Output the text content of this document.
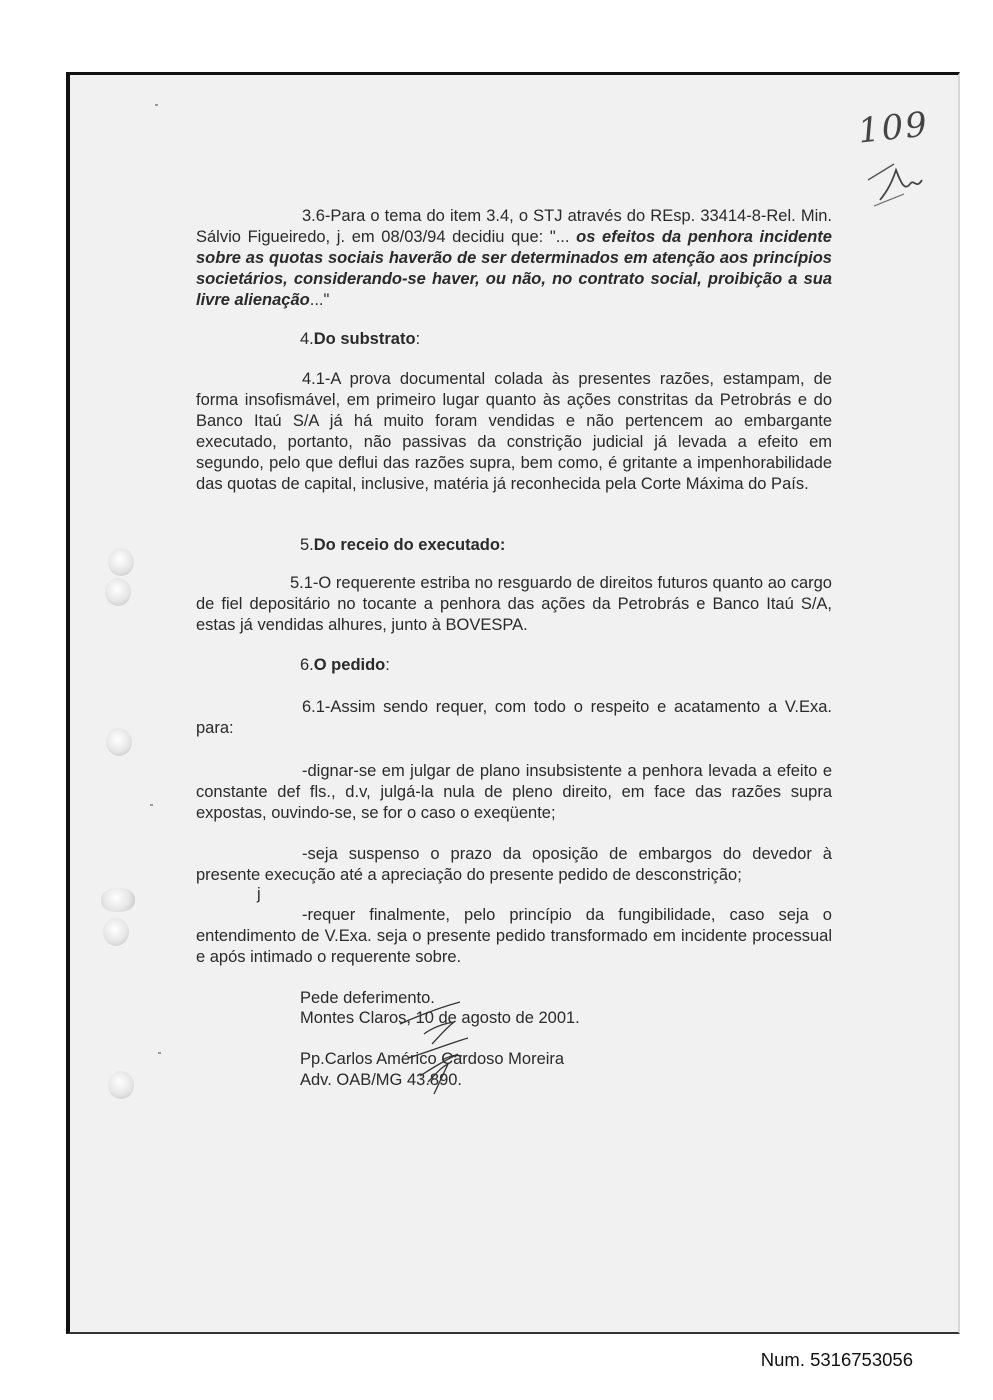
109
3.6-Para o tema do item 3.4, o STJ através do REsp. 33414-8-Rel. Min. Sálvio Figueiredo, j. em 08/03/94 decidiu que: "... os efeitos da penhora incidente sobre as quotas sociais haverão de ser determinados em atenção aos princípios societários, considerando-se haver, ou não, no contrato social, proibição a sua livre alienação..."
4.Do substrato:
4.1-A prova documental colada às presentes razões, estampam, de forma insofismável, em primeiro lugar quanto às ações constritas da Petrobrás e do Banco Itaú S/A já há muito foram vendidas e não pertencem ao embargante executado, portanto, não passivas da constrição judicial já levada a efeito em segundo, pelo que deflui das razões supra, bem como, é gritante a impenhorabilidade das quotas de capital, inclusive, matéria já reconhecida pela Corte Máxima do País.
5.Do receio do executado:
5.1-O requerente estriba no resguardo de direitos futuros quanto ao cargo de fiel depositário no tocante a penhora das ações da Petrobrás e Banco Itaú S/A, estas já vendidas alhures, junto à BOVESPA.
6.O pedido:
6.1-Assim sendo requer, com todo o respeito e acatamento a V.Exa. para:
-dignar-se em julgar de plano insubsistente a penhora levada a efeito e constante def fls., d.v, julgá-la nula de pleno direito, em face das razões supra expostas, ouvindo-se, se for o caso o exeqüente;
-seja suspenso o prazo da oposição de embargos do devedor à presente execução até a apreciação do presente pedido de desconstrição;
j
-requer finalmente, pelo princípio da fungibilidade, caso seja o entendimento de V.Exa. seja o presente pedido transformado em incidente processual e após intimado o requerente sobre.
Pede deferimento.
Montes Claros, 10 de agosto de 2001.
Pp.Carlos Américo Cardoso Moreira
Adv. OAB/MG 43.890.
Num. 5316753056
